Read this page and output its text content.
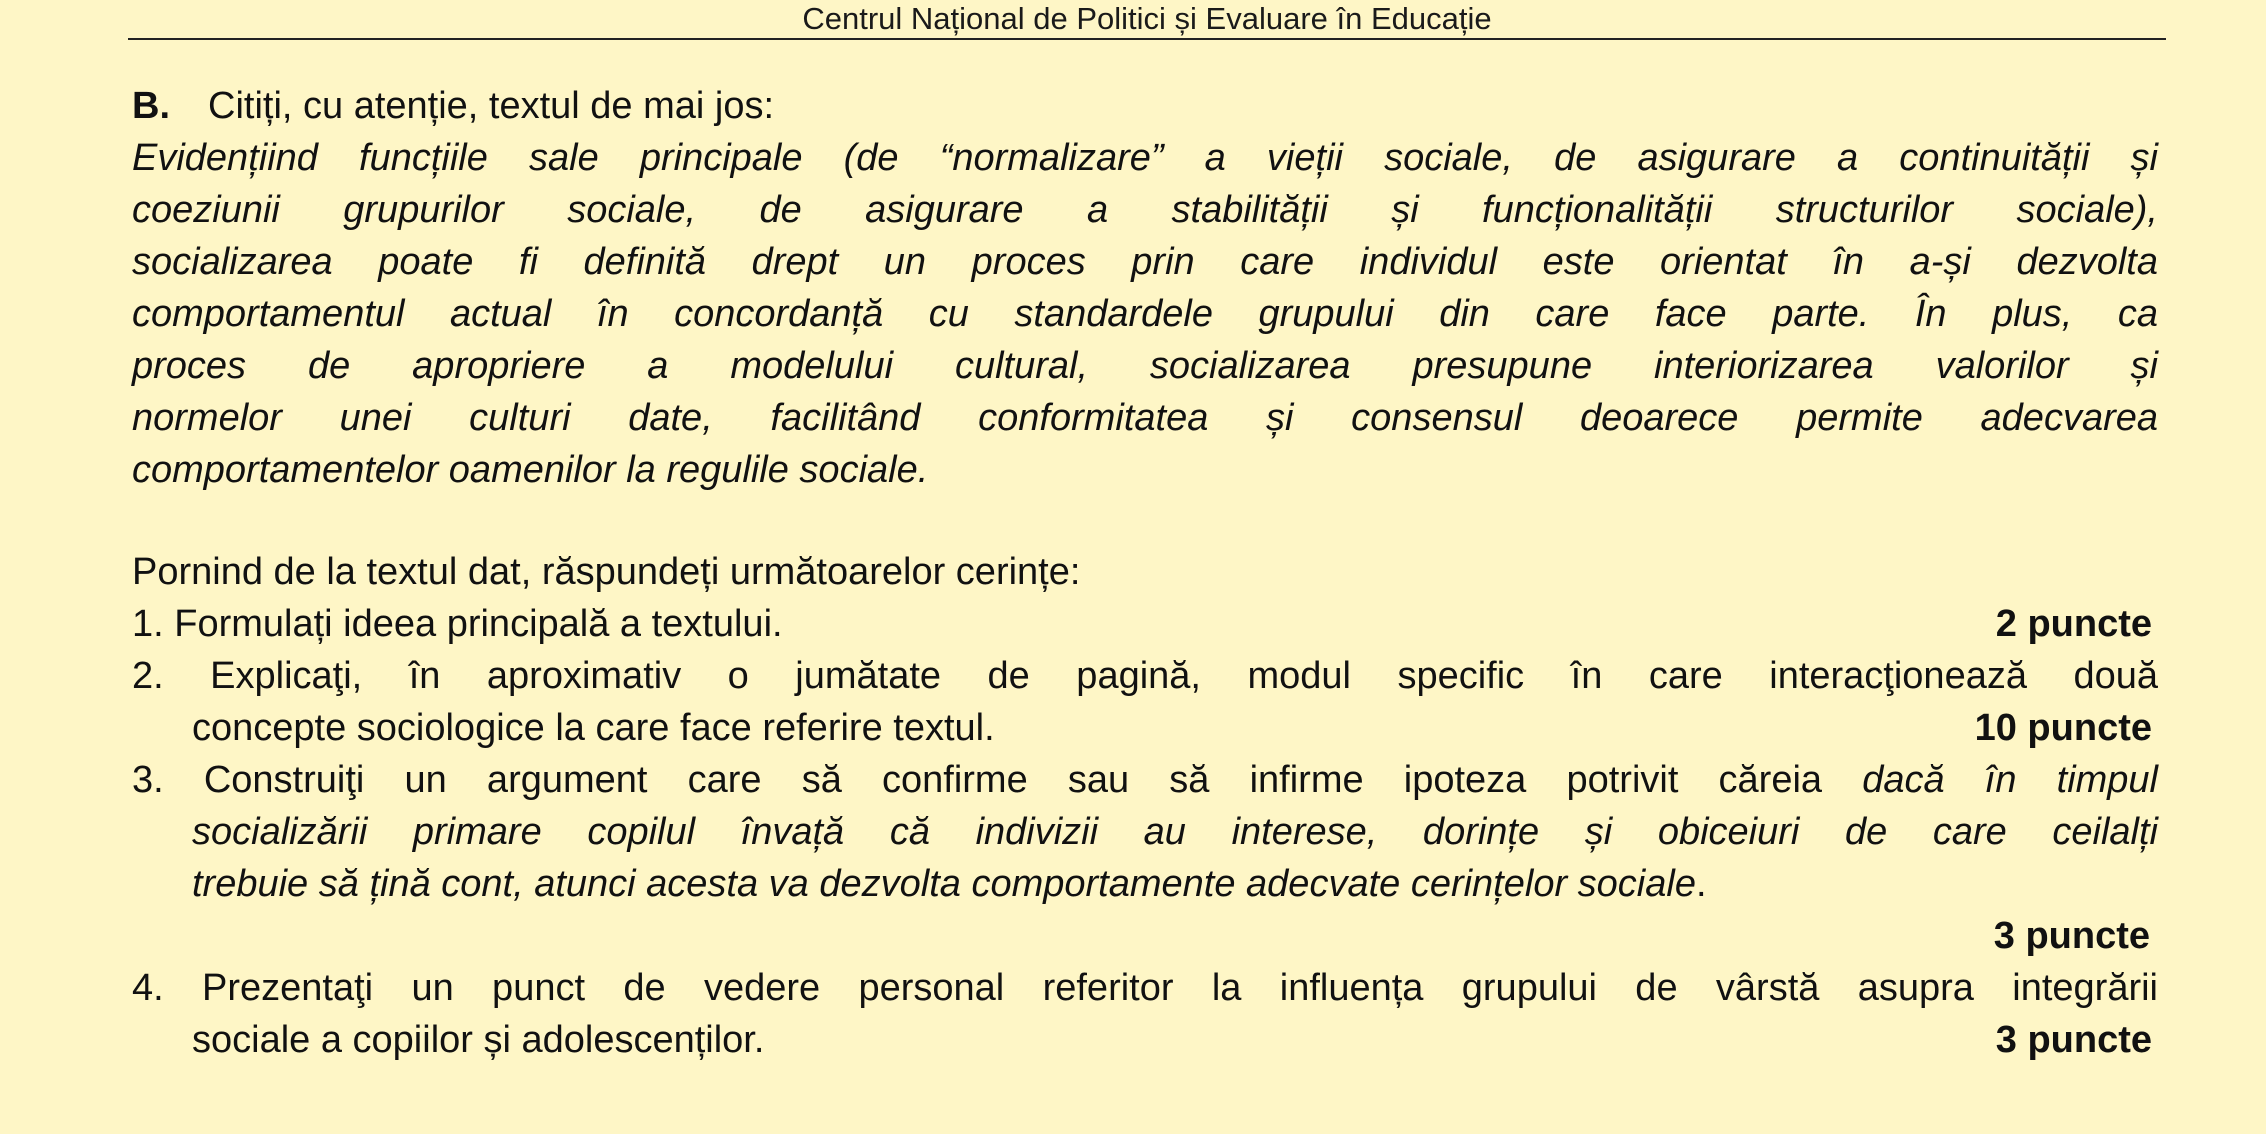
Centrul Național de Politici și Evaluare în Educație
B. Citiți, cu atenție, textul de mai jos:
Evidențiind funcțiile sale principale (de “normalizare” a vieții sociale, de asigurare a continuității și
coeziunii grupurilor sociale, de asigurare a stabilității și funcționalității structurilor sociale),
socializarea poate fi definită drept un proces prin care individul este orientat în a-și dezvolta
comportamentul actual în concordanță cu standardele grupului din care face parte. În plus, ca
proces de apropriere a modelului cultural, socializarea presupune interiorizarea valorilor și
normelor unei culturi date, facilitând conformitatea și consensul deoarece permite adecvarea
comportamentelor oamenilor la regulile sociale.
Pornind de la textul dat, răspundeți următoarelor cerințe:
1. Formulați ideea principală a textului.	2 puncte
2. Explicaţi, în aproximativ o jumătate de pagină, modul specific în care interacţionează două
concepte sociologice la care face referire textul.	10 puncte
3. Construiţi un argument care să confirme sau să infirme ipoteza potrivit căreia dacă în timpul
socializării primare copilul învață că indivizii au interese, dorințe și obiceiuri de care ceilalți
trebuie să țină cont, atunci acesta va dezvolta comportamente adecvate cerințelor sociale.
3 puncte
4. Prezentaţi un punct de vedere personal referitor la influența grupului de vârstă asupra integrării
sociale a copiilor și adolescenților.	3 puncte
